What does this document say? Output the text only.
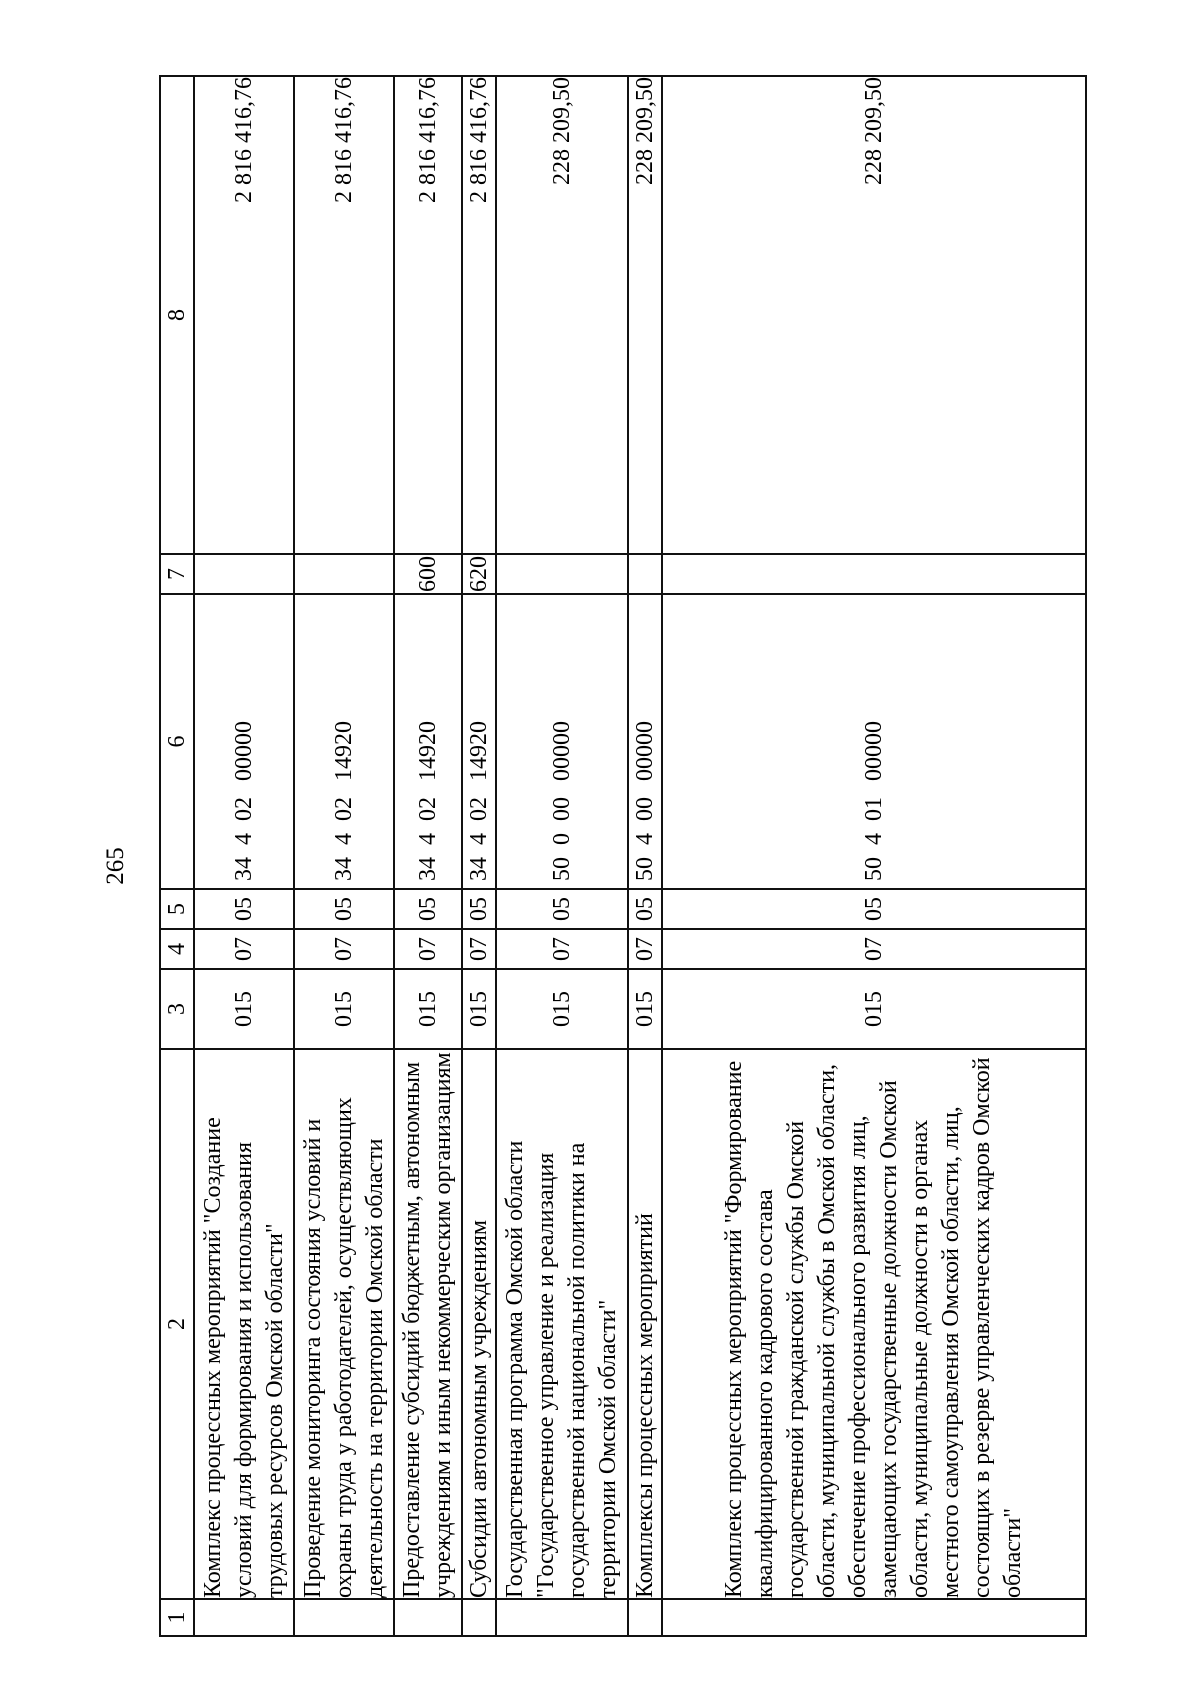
265
1	2	3	4	5	6	7	8
	Комплекс процессных мероприятий "Создание условий для формирования и использования трудовых ресурсов Омской области"	015	07	05	3440200000		2 816 416,76
	Проведение мониторинга состояния условий и охраны труда у работодателей, осуществляющих деятельность на территории Омской области	015	07	05	3440214920		2 816 416,76
	Предоставление субсидий бюджетным, автономным учреждениям и иным некоммерческим организациям	015	07	05	3440214920	600	2 816 416,76
	Субсидии автономным учреждениям	015	07	05	3440214920	620	2 816 416,76
	Государственная программа Омской области "Государственное управление и реализация государственной национальной политики на территории Омской области"	015	07	05	5000000000		228 209,50
	Комплексы процессных мероприятий	015	07	05	5040000000		228 209,50
	Комплекс процессных мероприятий "Формирование квалифицированного кадрового состава государственной гражданской службы Омской области, муниципальной службы в Омской области, обеспечение профессионального развития лиц, замещающих государственные должности Омской области, муниципальные должности в органах местного самоуправления Омской области, лиц, состоящих в резерве управленческих кадров Омской области"	015	07	05	5040100000		228 209,50
